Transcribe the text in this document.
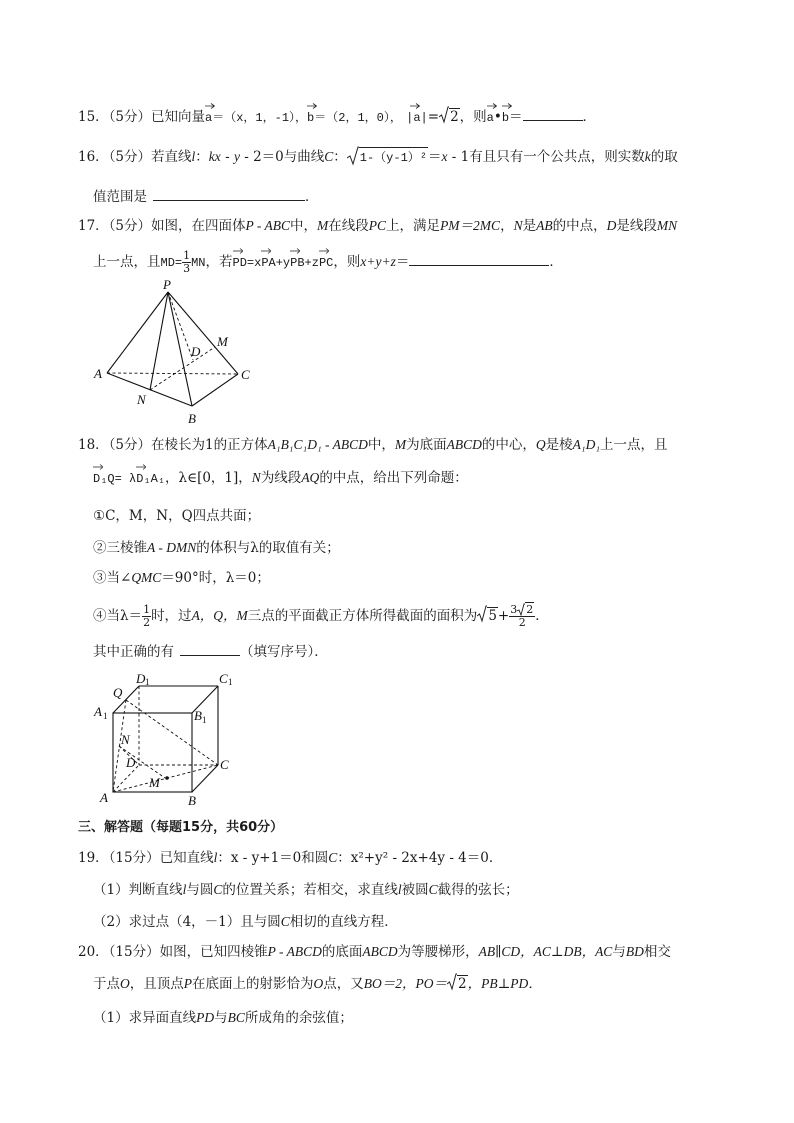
15．（5分）已知向量
a＝（x，1，-1），
b＝（2，1，0）， |a|= 2，则
a•
b＝	．
16．（5分）若直线l：kx - y - 2＝0与曲线C： 1-（y-1）²＝x - 1有且只有一个公共点，则实数k的取
值范围是	．
17．（5分）如图，在四面体P - ABC中，M在线段PC上，满足PM＝2MC，N是AB的中点，D是线段MN
上一点，且$MD= \frac{1}{3}$ MN，若
PD=x
PA+y
PB+z
PC，则x+y+z＝	．
P
A
B
C
D
M
N
18．（5分）在棱长为1的正方体A₁B₁C₁D₁ - ABCD中，M为底面ABCD的中心，Q是棱A₁D₁上一点，且
D₁Q= λ
D₁A₁，λ∈[0，1]，N为线段AQ的中点，给出下列命题：
①C，M，N，Q四点共面；
②三棱锥A - DMN的体积与λ的取值有关；
③当∠QMC＝90°时，λ＝0；
④当$\lambda= \frac{1}{2}$ 时，过A，Q，M三点的平面截正方体所得截面的面积为 $5+ \frac{3 2}{2}$ ．
其中正确的有	（填写序号）．
Q
D 1	C 1
A 1	B 1
N
D	C
M
A	B
三、解答题（每题15分，共60分）
19．（15分）已知直线l：x - y+1＝0和圆C：x²+y² - 2x+4y - 4＝0．
（1）判断直线l与圆C的位置关系；若相交，求直线l被圆C截得的弦长；
（2）求过点（4，－1）且与圆C相切的直线方程．
20．（15分）如图，已知四棱锥P - ABCD的底面ABCD为等腰梯形，AB∥CD，AC⊥DB，AC与BD相交
于点O，且顶点P在底面上的射影恰为O点，又BO＝2，PO＝ 2，PB⊥PD．
（1）求异面直线PD与BC所成角的余弦值；
